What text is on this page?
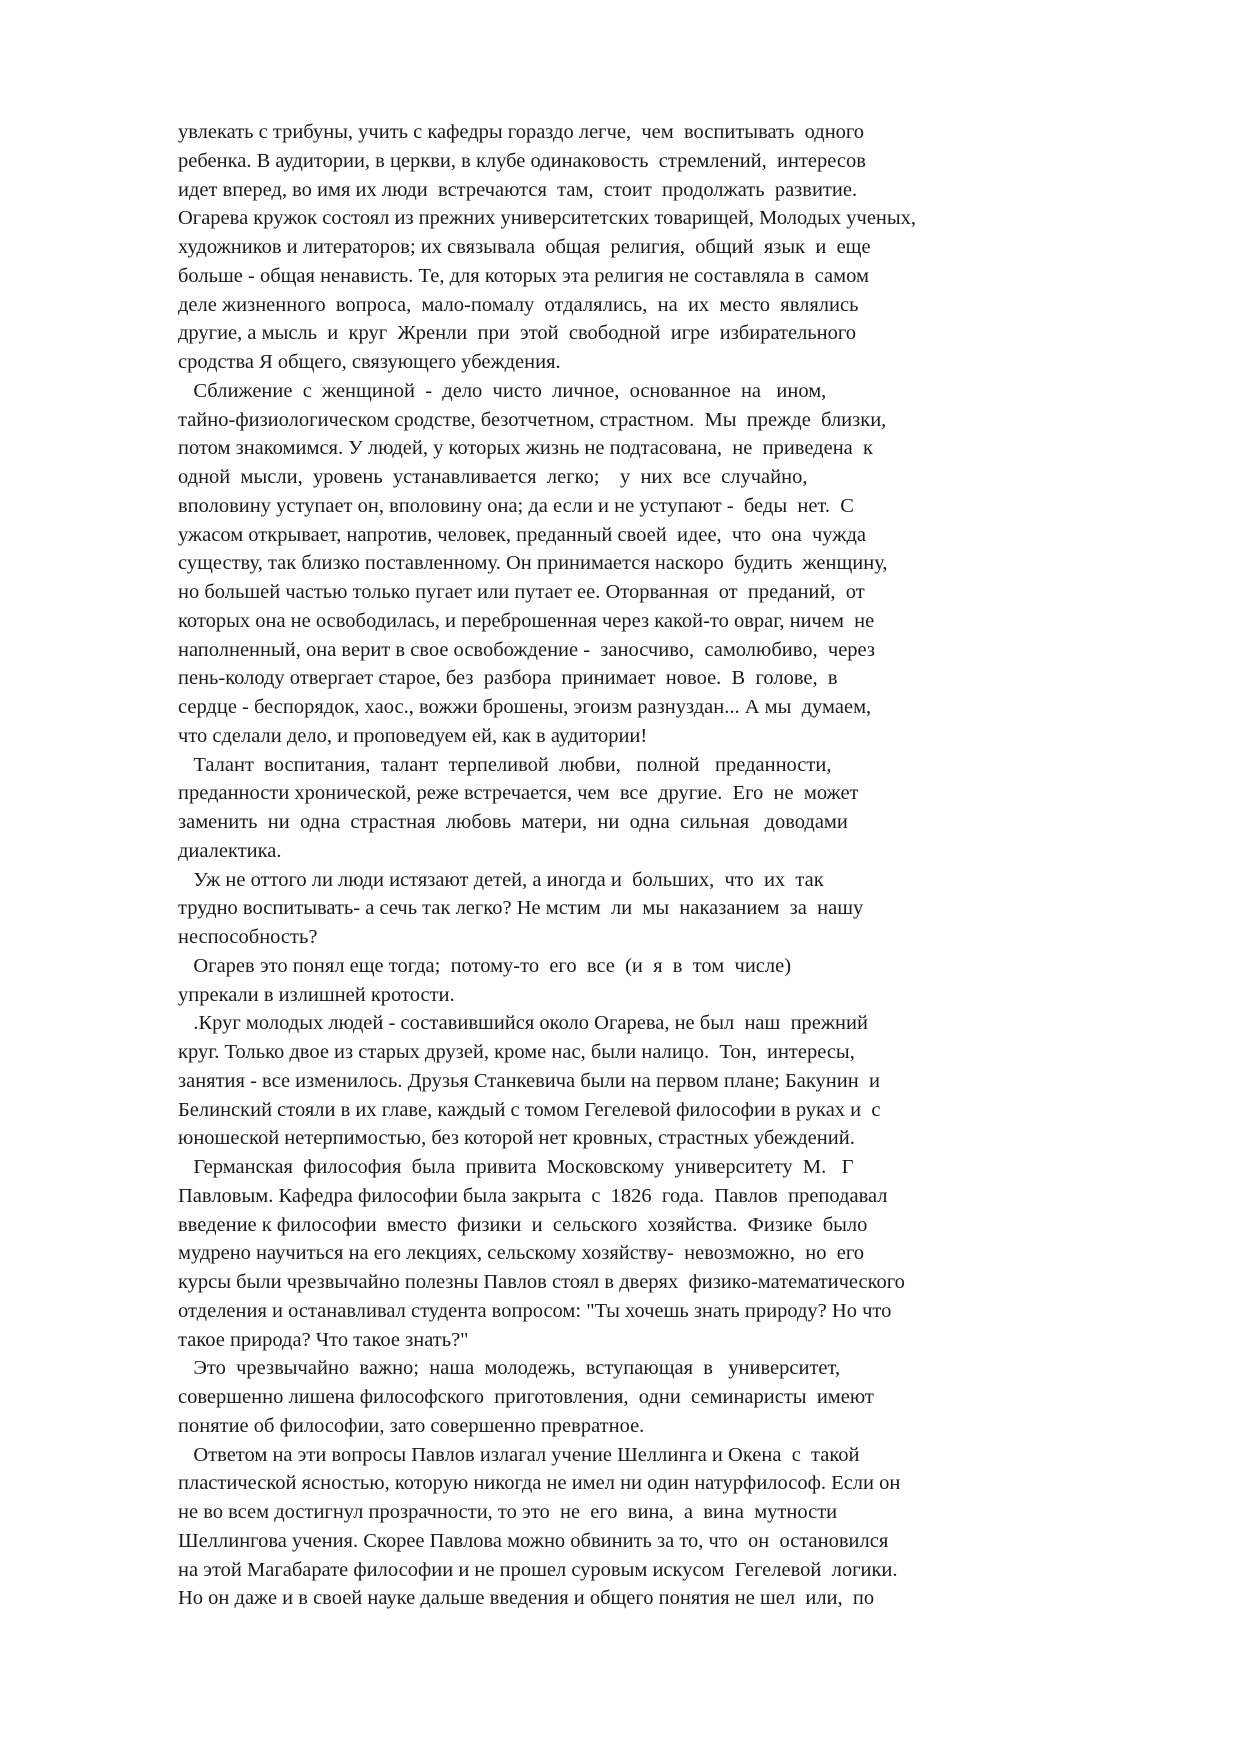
увлекать с трибуны, учить с кафедры гораздо легче,  чем  воспитывать  одного
ребенка. В аудитории, в церкви, в клубе одинаковость  стремлений,  интересов
идет вперед, во имя их люди  встречаются  там,  стоит  продолжать  развитие.
Огарева кружок состоял из прежних университетских товарищей, Молодых ученых,
художников и литераторов; их связывала  общая  религия,  общий  язык  и  еще
больше - общая ненависть. Те, для которых эта религия не составляла в  самом
деле жизненного  вопроса,  мало-помалу  отдалялись,  на  их  место  являлись
другие, а мысль  и  круг  Жренли  при  этой  свободной  игре  избирательного
сродства Я общего, связующего убеждения.
Сближение  с  женщиной  -  дело  чисто  личное,  основанное  на   ином,
тайно-физиологическом сродстве, безотчетном, страстном.  Мы  прежде  близки,
потом знакомимся. У людей, у которых жизнь не подтасована,  не  приведена  к
одной  мысли,  уровень  устанавливается  легко;    у  них  все  случайно,
вполовину уступает он, вполовину она; да если и не уступают -  беды  нет.  С
ужасом открывает, напротив, человек, преданный своей  идее,  что  она  чужда
существу, так близко поставленному. Он принимается наскоро  будить  женщину,
но большей частью только пугает или путает ее. Оторванная  от  преданий,  от
которых она не освободилась, и переброшенная через какой-то овраг, ничем  не
наполненный, она верит в свое освобождение -  заносчиво,  самолюбиво,  через
пень-колоду отвергает старое, без  разбора  принимает  новое.  В  голове,  в
сердце - беспорядок, хаос., вожжи брошены, эгоизм разнуздан... А мы  думаем,
что сделали дело, и проповедуем ей, как в аудитории!
Талант  воспитания,  талант  терпеливой  любви,   полной   преданности,
преданности хронической, реже встречается, чем  все  другие.  Его  не  может
заменить  ни  одна  страстная  любовь  матери,  ни  одна  сильная   доводами
диалектика.
Уж не оттого ли люди истязают детей, а иногда и  больших,  что  их  так
трудно воспитывать- а сечь так легко? Не мстим  ли  мы  наказанием  за  нашу
неспособность?
Огарев это понял еще тогда;  потому-то  его  все  (и  я  в  том  числе)
упрекали в излишней кротости.
.Круг молодых людей - составившийся около Огарева, не был  наш  прежний
круг. Только двое из старых друзей, кроме нас, были налицо.  Тон,  интересы,
занятия - все изменилось. Друзья Станкевича были на первом плане; Бакунин  и
Белинский стояли в их главе, каждый с томом Гегелевой философии в руках и  с
юношеской нетерпимостью, без которой нет кровных, страстных убеждений.
Германская  философия  была  привита  Московскому  университету  М.   Г
Павловым. Кафедра философии была закрыта  с  1826  года.  Павлов  преподавал
введение к философии  вместо  физики  и  сельского  хозяйства.  Физике  было
мудрено научиться на его лекциях, сельскому хозяйству-  невозможно,  но  его
курсы были чрезвычайно полезны Павлов стоял в дверях  физико-математического
отделения и останавливал студента вопросом: "Ты хочешь знать природу? Но что
такое природа? Что такое знать?"
Это  чрезвычайно  важно;  наша  молодежь,  вступающая  в   университет,
совершенно лишена философского  приготовления,  одни  семинаристы  имеют
понятие об философии, зато совершенно превратное.
Ответом на эти вопросы Павлов излагал учение Шеллинга и Окена  с  такой
пластической ясностью, которую никогда не имел ни один натурфилософ. Если он
не во всем достигнул прозрачности, то это  не  его  вина,  а  вина  мутности
Шеллингова учения. Скорее Павлова можно обвинить за то, что  он  остановился
на этой Магабарате философии и не прошел суровым искусом  Гегелевой  логики.
Но он даже и в своей науке дальше введения и общего понятия не шел  или,  по
